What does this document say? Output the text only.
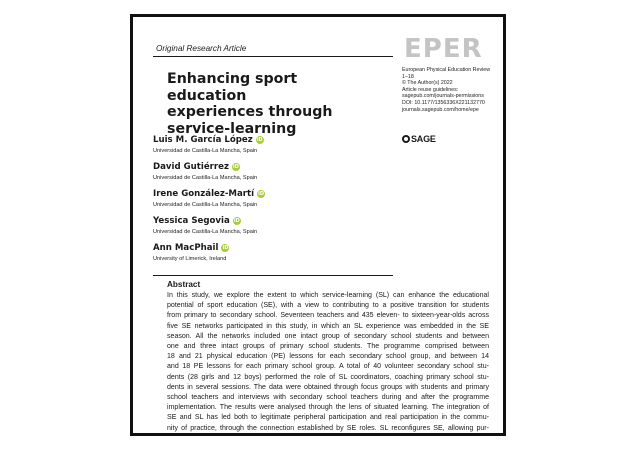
Original Research Article	EPER
Enhancing sport education
experiences through
service-learning
European Physical Education Review
1–18
© The Author(s) 2022
Article reuse guidelines:
sagepub.com/journals-permissions
DOI: 10.1177/1356336X221132770
journals.sagepub.com/home/epe
SAGE
Luis M. García López iD
Universidad de Castilla-La Mancha, Spain
David Gutiérrez iD
Universidad de Castilla-La Mancha, Spain
Irene González-Martí iD
Universidad de Castilla-La Mancha, Spain
Yessica Segovia iD
Universidad de Castilla-La Mancha, Spain
Ann MacPhail iD
University of Limerick, Ireland
Abstract
In this study, we explore the extent to which service-learning (SL) can enhance the educational
potential of sport education (SE), with a view to contributing to a positive transition for students
from primary to secondary school. Seventeen teachers and 435 eleven- to sixteen-year-olds across
five SE networks participated in this study, in which an SL experience was embedded in the SE
season. All the networks included one intact group of secondary school students and between
one and three intact groups of primary school students. The programme comprised between
18 and 21 physical education (PE) lessons for each secondary school group, and between 14
and 18 PE lessons for each primary school group. A total of 40 volunteer secondary school stu-
dents (28 girls and 12 boys) performed the role of SL coordinators, coaching primary school stu-
dents in several sessions. The data were obtained through focus groups with students and primary
school teachers and interviews with secondary school teachers during and after the programme
implementation. The results were analysed through the lens of situated learning. The integration of
SE and SL has led both to legitimate peripheral participation and real participation in the commu-
nity of practice, through the connection established by SE roles. SL reconfigures SE, allowing pur-
